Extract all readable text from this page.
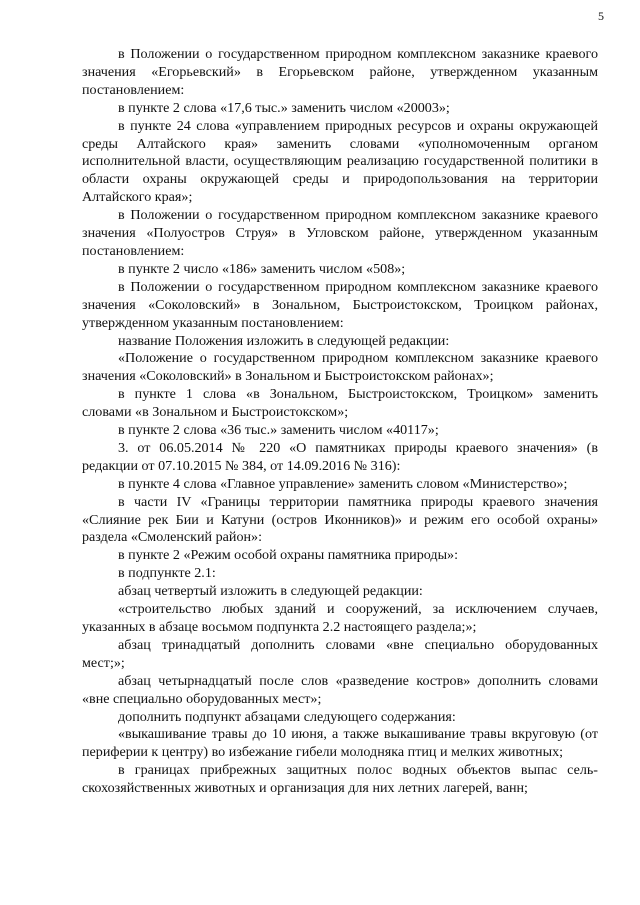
5

в Положении о государственном природном комплексном заказнике краевого значения «Егорьевский» в Егорьевском районе, утвержденном указанным постановлением:

в пункте 2 слова «17,6 тыс.» заменить числом «20003»;

в пункте 24 слова «управлением природных ресурсов и охраны окружающей среды Алтайского края» заменить словами «уполномоченным органом исполнительной власти, осуществляющим реализацию государственной политики в области охраны окружающей среды и природопользования на территории Алтайского края»;

в Положении о государственном природном комплексном заказнике краевого значения «Полуостров Струя» в Угловском районе, утвержденном указанным постановлением:

в пункте 2 число «186» заменить числом «508»;

в Положении о государственном природном комплексном заказнике краевого значения «Соколовский» в Зональном, Быстроистокском, Троицком районах, утвержденном указанным постановлением:

название Положения изложить в следующей редакции:

«Положение о государственном природном комплексном заказнике краевого значения «Соколовский» в Зональном и Быстроистокском районах»;

в пункте 1 слова «в Зональном, Быстроистокском, Троицком» заменить словами «в Зональном и Быстроистокском»;

в пункте 2 слова «36 тыс.» заменить числом «40117»;

3. от 06.05.2014 № 220 «О памятниках природы краевого значения» (в редакции от 07.10.2015 № 384, от 14.09.2016 № 316):

в пункте 4 слова «Главное управление» заменить словом «Министерство»;

в части IV «Границы территории памятника природы краевого значения «Слияние рек Бии и Катуни (остров Иконников)» и режим его особой охраны» раздела «Смоленский район»:

в пункте 2 «Режим особой охраны памятника природы»:

в подпункте 2.1:

абзац четвертый изложить в следующей редакции:

«строительство любых зданий и сооружений, за исключением случаев, указанных в абзаце восьмом подпункта 2.2 настоящего раздела;»;

абзац тринадцатый дополнить словами «вне специально оборудованных мест;»;

абзац четырнадцатый после слов «разведение костров» дополнить словами «вне специально оборудованных мест»;

дополнить подпункт абзацами следующего содержания:

«выкашивание травы до 10 июня, а также выкашивание травы вкруговую (от периферии к центру) во избежание гибели молодняка птиц и мелких животных;

в границах прибрежных защитных полос водных объектов выпас сельскохозяйственных животных и организация для них летних лагерей, ванн;
